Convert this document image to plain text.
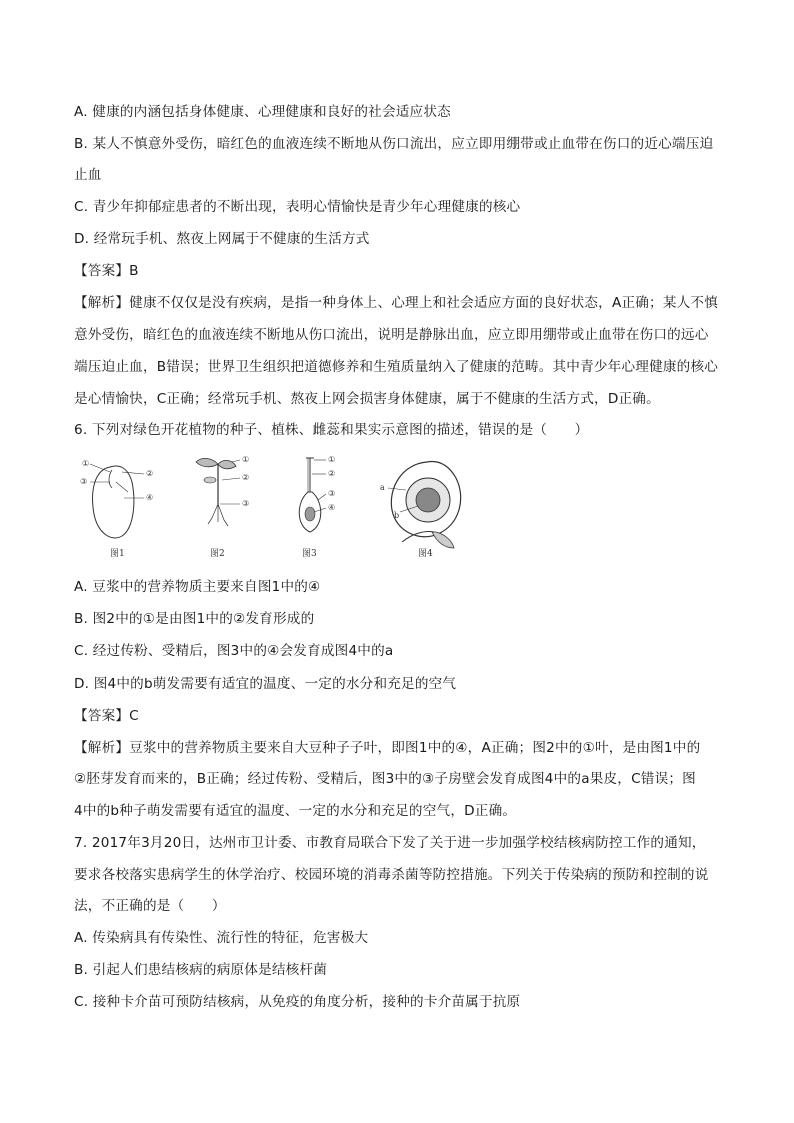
A. 健康的内涵包括身体健康、心理健康和良好的社会适应状态
B. 某人不慎意外受伤，暗红色的血液连续不断地从伤口流出，应立即用绷带或止血带在伤口的近心端压迫
止血
C. 青少年抑郁症患者的不断出现，表明心情愉快是青少年心理健康的核心
D. 经常玩手机、熬夜上网属于不健康的生活方式
【答案】B
【解析】健康不仅仅是没有疾病，是指一种身体上、心理上和社会适应方面的良好状态，A正确；某人不慎
意外受伤，暗红色的血液连续不断地从伤口流出，说明是静脉出血，应立即用绷带或止血带在伤口的远心
端压迫止血，B错误；世界卫生组织把道德修养和生殖质量纳入了健康的范畴。其中青少年心理健康的核心
是心情愉快，C正确；经常玩手机、熬夜上网会损害身体健康，属于不健康的生活方式，D正确。
6. 下列对绿色开花植物的种子、植株、雌蕊和果实示意图的描述，错误的是（　　）
①
③
②
④
图1
①
②
③
图2
①
②
③
④
图3
a
b
图4
A. 豆浆中的营养物质主要来自图1中的④
B. 图2中的①是由图1中的②发育形成的
C. 经过传粉、受精后，图3中的④会发育成图4中的a
D. 图4中的b萌发需要有适宜的温度、一定的水分和充足的空气
【答案】C
【解析】豆浆中的营养物质主要来自大豆种子子叶，即图1中的④，A正确；图2中的①叶，是由图1中的
②胚芽发育而来的，B正确；经过传粉、受精后，图3中的③子房壁会发育成图4中的a果皮，C错误；图
4中的b种子萌发需要有适宜的温度、一定的水分和充足的空气，D正确。
7. 2017年3月20日，达州市卫计委、市教育局联合下发了关于进一步加强学校结核病防控工作的通知，
要求各校落实患病学生的休学治疗、校园环境的消毒杀菌等防控措施。下列关于传染病的预防和控制的说
法，不正确的是（　　）
A. 传染病具有传染性、流行性的特征，危害极大
B. 引起人们患结核病的病原体是结核杆菌
C. 接种卡介苗可预防结核病，从免疫的角度分析，接种的卡介苗属于抗原
